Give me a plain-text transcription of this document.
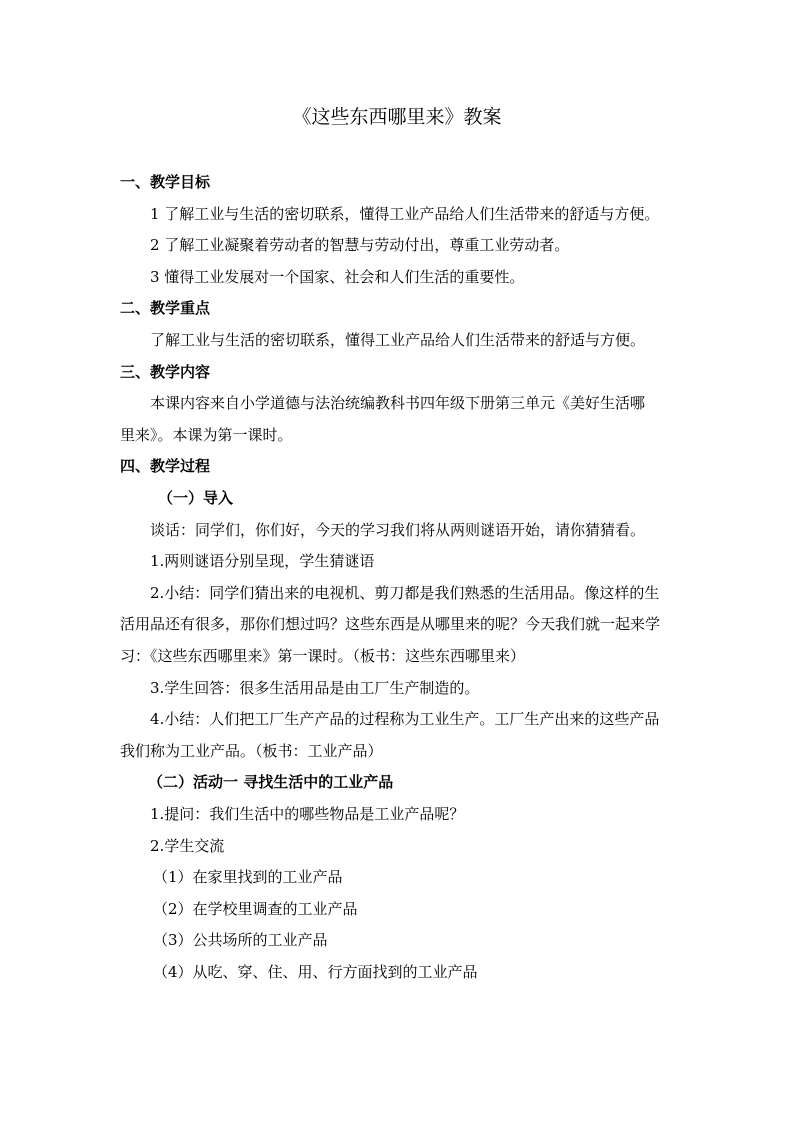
《这些东西哪里来》教案
一、教学目标
1 了解工业与生活的密切联系，懂得工业产品给人们生活带来的舒适与方便。
2 了解工业凝聚着劳动者的智慧与劳动付出，尊重工业劳动者。
3 懂得工业发展对一个国家、社会和人们生活的重要性。
二、教学重点
了解工业与生活的密切联系，懂得工业产品给人们生活带来的舒适与方便。
三、教学内容
本课内容来自小学道德与法治统编教科书四年级下册第三单元《美好生活哪
里来》。本课为第一课时。
四、教学过程
（一）导入
谈话：同学们，你们好，今天的学习我们将从两则谜语开始，请你猜猜看。
1.两则谜语分别呈现，学生猜谜语
2.小结：同学们猜出来的电视机、剪刀都是我们熟悉的生活用品。像这样的生
活用品还有很多，那你们想过吗？这些东西是从哪里来的呢？今天我们就一起来学
习：《这些东西哪里来》第一课时。（板书：这些东西哪里来）
3.学生回答：很多生活用品是由工厂生产制造的。
4.小结：人们把工厂生产产品的过程称为工业生产。工厂生产出来的这些产品
我们称为工业产品。（板书：工业产品）
（二）活动一 寻找生活中的工业产品
1.提问：我们生活中的哪些物品是工业产品呢？
2.学生交流
（1）在家里找到的工业产品
（2）在学校里调查的工业产品
（3）公共场所的工业产品
（4）从吃、穿、住、用、行方面找到的工业产品
